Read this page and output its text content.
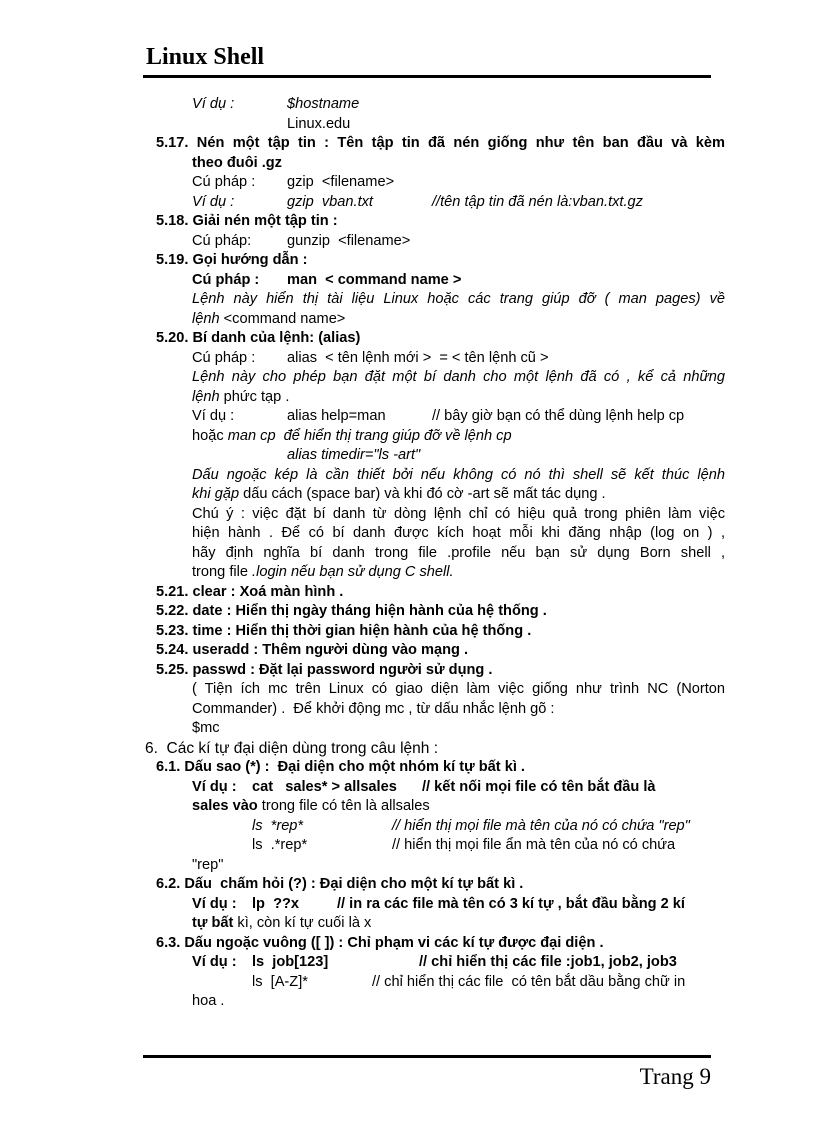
Linux Shell
Ví dụ :	$hostname
Linux.edu
5.17. Nén một tập tin : Tên tập tin đã nén giống như tên ban đầu và kèm
theo đuôi .gz
Cú pháp : gzip  <filename>
Ví dụ :	gzip  vban.txt	//tên tập tin đã nén là:vban.txt.gz
5.18. Giải nén một tập tin :
Cú pháp: gunzip  <filename>
5.19. Gọi hướng dẫn :
Cú pháp : man  < command name >
Lệnh này hiển thị tài liệu Linux hoặc các trang giúp đỡ ( man pages) về
lệnh <command name>
5.20. Bí danh của lệnh: (alias)
Cú pháp : alias  < tên lệnh mới >  = < tên lệnh cũ >
Lệnh này cho phép bạn đặt một bí danh cho một lệnh đã có , kể cả những
lệnh phức tạp .
Ví dụ :	alias help=man	// bây giờ bạn có thể dùng lệnh help cp
hoặc man cp  để hiển thị trang giúp đỡ về lệnh cp
alias timedir="ls -art"
Dấu ngoặc kép là cần thiết bởi nếu không có nó thì shell sẽ kết thúc lệnh
khi gặp dấu cách (space bar) và khi đó cờ -art sẽ mất tác dụng .
Chú ý : việc đặt bí danh từ dòng lệnh chỉ có hiệu quả trong phiên làm việc
hiện hành . Để có bí danh được kích hoạt mỗi khi đăng nhập (log on ) ,
hãy định nghĩa bí danh trong file .profile nếu bạn sử dụng Born shell ,
trong file .login nếu bạn sử dụng C shell.
5.21. clear : Xoá màn hình .
5.22. date : Hiển thị ngày tháng hiện hành của hệ thống .
5.23. time : Hiển thị thời gian hiện hành của hệ thống .
5.24. useradd : Thêm người dùng vào mạng .
5.25. passwd : Đặt lại password người sử dụng .
( Tiện ích mc trên Linux có giao diện làm việc giống như trình NC (Norton
Commander) .  Để khởi động mc , từ dấu nhắc lệnh gõ :
$mc
6.  Các kí tự đại diện dùng trong câu lệnh :
6.1. Dấu sao (*) :  Đại diện cho một nhóm kí tự bất kì .
Ví dụ : cat   sales* > allsales // kết nối mọi file có tên bắt đầu là
sales vào trong file có tên là allsales
ls  *rep*	// hiển thị mọi file mà tên của nó có chứa "rep"
ls  .*rep*	// hiển thị mọi file ẩn mà tên của nó có chứa
"rep"
6.2. Dấu  chấm hỏi (?) : Đại diện cho một kí tự bất kì .
Ví dụ : lp  ??x	// in ra các file mà tên có 3 kí tự , bắt đầu bằng 2 kí
tự bất kì, còn kí tự cuối là x
6.3. Dấu ngoặc vuông ([ ]) : Chỉ phạm vi các kí tự được đại diện .
Ví dụ : ls  job[123]	// chỉ hiển thị các file :job1, job2, job3
ls  [A-Z]*	// chỉ hiển thị các file  có tên bắt dầu bằng chữ in
hoa .
Trang 9
